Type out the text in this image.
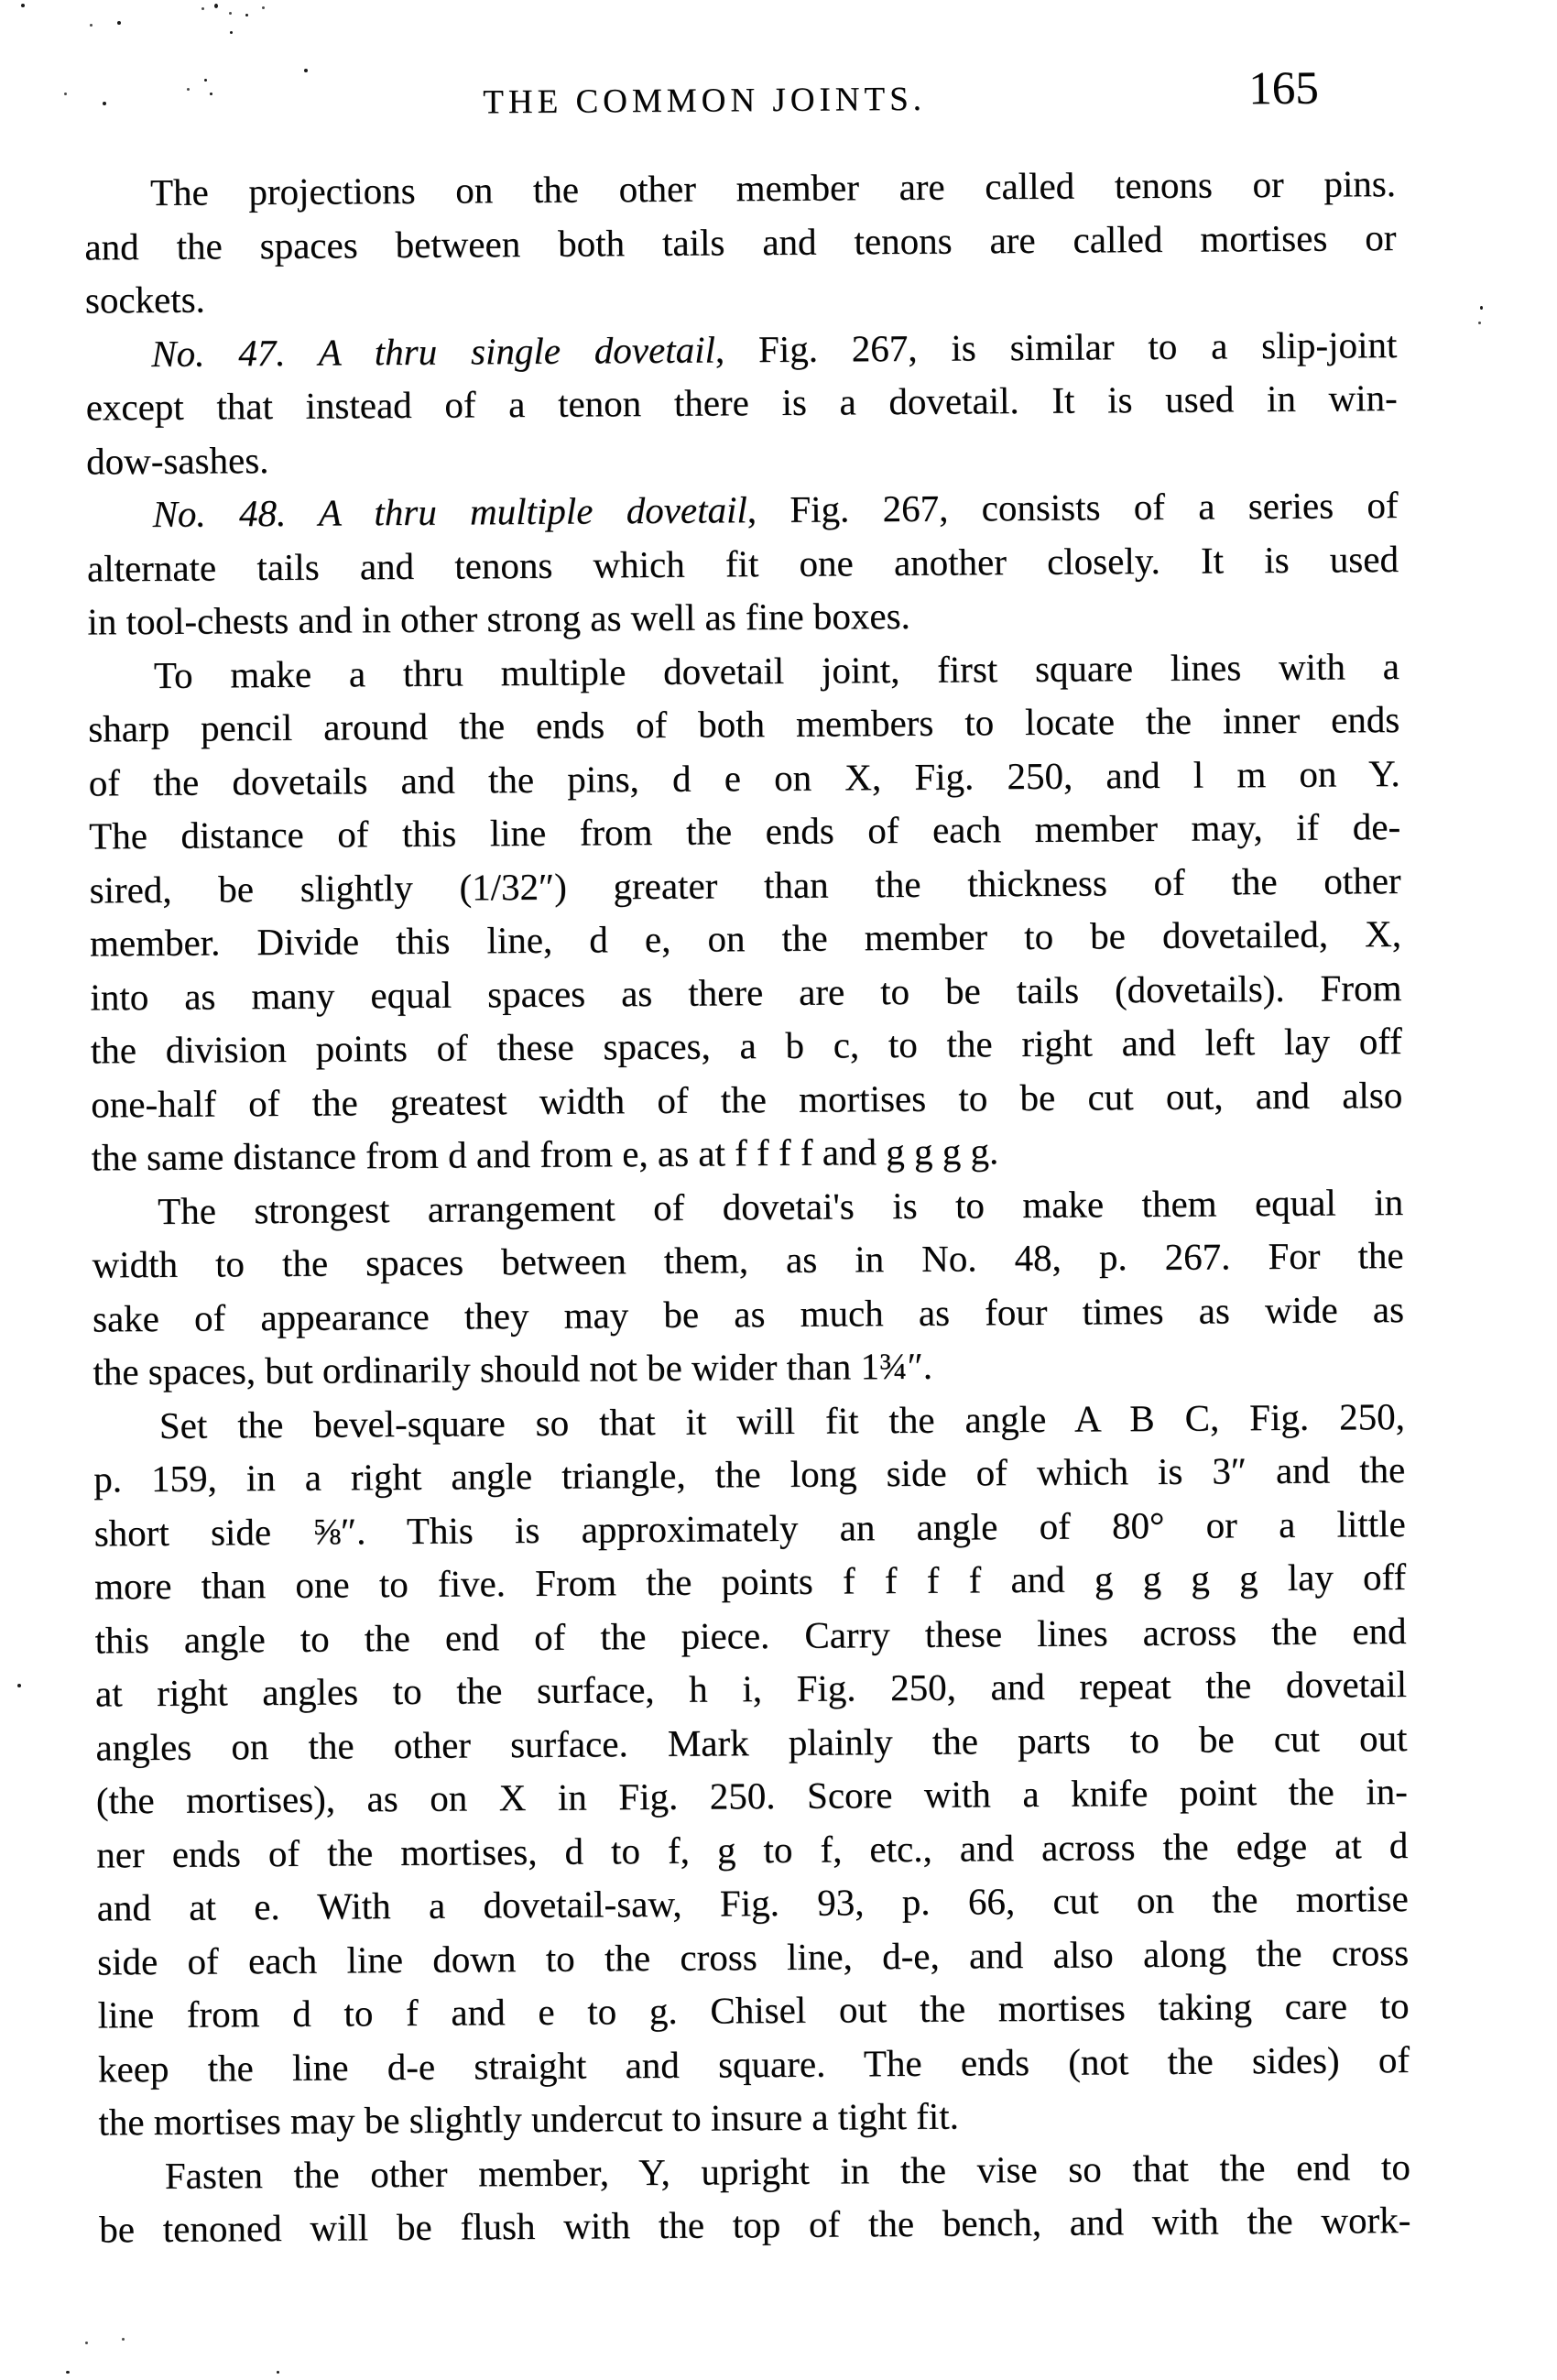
THE COMMON JOINTS.	165
The projections on the other member are called tenons or pins.
and the spaces between both tails and tenons are called mortises or
sockets.
No. 47. A thru single dovetail, Fig. 267, is similar to a slip-joint
except that instead of a tenon there is a dovetail. It is used in win-
dow-sashes.
No. 48. A thru multiple dovetail, Fig. 267, consists of a series of
alternate tails and tenons which fit one another closely. It is used
in tool-chests and in other strong as well as fine boxes.
To make a thru multiple dovetail joint, first square lines with a
sharp pencil around the ends of both members to locate the inner ends
of the dovetails and the pins, d e on X, Fig. 250, and l m on Y.
The distance of this line from the ends of each member may, if de-
sired, be slightly (1/32″) greater than the thickness of the other
member. Divide this line, d e, on the member to be dovetailed, X,
into as many equal spaces as there are to be tails (dovetails). From
the division points of these spaces, a b c, to the right and left lay off
one-half of the greatest width of the mortises to be cut out, and also
the same distance from d and from e, as at f f f f and g g g g.
The strongest arrangement of dovetai's is to make them equal in
width to the spaces between them, as in No. 48, p. 267. For the
sake of appearance they may be as much as four times as wide as
the spaces, but ordinarily should not be wider than 1¾″.
Set the bevel-square so that it will fit the angle A B C, Fig. 250,
p. 159, in a right angle triangle, the long side of which is 3″ and the
short side ⅝″. This is approximately an angle of 80° or a little
more than one to five. From the points f f f f and g g g g lay off
this angle to the end of the piece. Carry these lines across the end
at right angles to the surface, h i, Fig. 250, and repeat the dovetail
angles on the other surface. Mark plainly the parts to be cut out
(the mortises), as on X in Fig. 250. Score with a knife point the in-
ner ends of the mortises, d to f, g to f, etc., and across the edge at d
and at e. With a dovetail-saw, Fig. 93, p. 66, cut on the mortise
side of each line down to the cross line, d-e, and also along the cross
line from d to f and e to g. Chisel out the mortises taking care to
keep the line d-e straight and square. The ends (not the sides) of
the mortises may be slightly undercut to insure a tight fit.
Fasten the other member, Y, upright in the vise so that the end to
be tenoned will be flush with the top of the bench, and with the work-
